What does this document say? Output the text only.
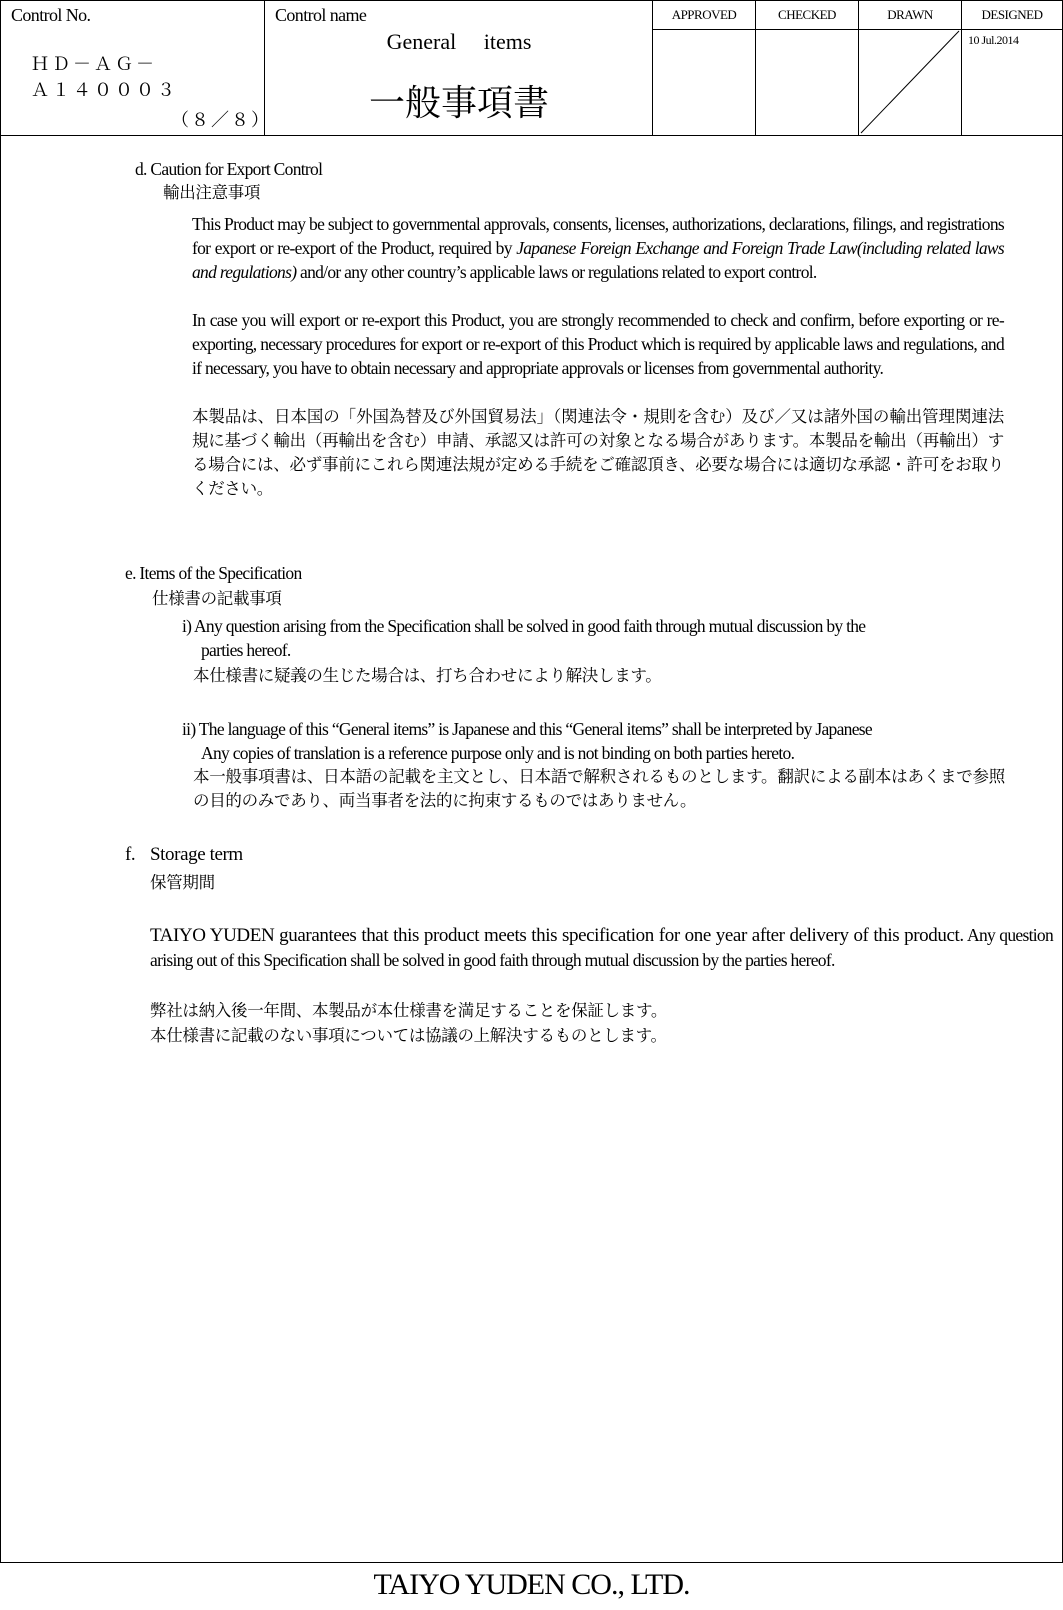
Control No.
ＨＤ－ＡＧ－
Ａ１４０００３
（８／８）
Control name
General　 items
一般事項書
APPROVED	CHECKED	DRAWN	DESIGNED
10 Jul.2014
d. Caution for Export Control
輸出注意事項
This Product may be subject to governmental approvals, consents, licenses, authorizations, declarations, filings, and registrations for export or re-export of the Product, required by Japanese Foreign Exchange and Foreign Trade Law(including related laws and regulations) and/or any other country’s applicable laws or regulations related to export control.
In case you will export or re-export this Product, you are strongly recommended to check and confirm, before exporting or re-exporting, necessary procedures for export or re-export of this Product which is required by applicable laws and regulations, and if necessary, you have to obtain necessary and appropriate approvals or licenses from governmental authority.
本製品は、日本国の「外国為替及び外国貿易法」（関連法令・規則を含む）及び／又は諸外国の輸出管理関連法規に基づく輸出（再輸出を含む）申請、承認又は許可の対象となる場合があります。本製品を輸出（再輸出）する場合には、必ず事前にこれら関連法規が定める手続をご確認頂き、必要な場合には適切な承認・許可をお取りください。
e. Items of the Specification
仕様書の記載事項
i) Any question arising from the Specification shall be solved in good faith through mutual discussion by the
parties hereof.
本仕様書に疑義の生じた場合は、打ち合わせにより解決します。
ii) The language of this “General items” is Japanese and this “General items” shall be interpreted by Japanese
Any copies of translation is a reference purpose only and is not binding on both parties hereto.
本一般事項書は、日本語の記載を主文とし、日本語で解釈されるものとします。翻訳による副本はあくまで参照の目的のみであり、両当事者を法的に拘束するものではありません。
f. Storage term
保管期間
TAIYO YUDEN guarantees that this product meets this specification for one year after delivery of this product. Any question arising out of this Specification shall be solved in good faith through mutual discussion by the parties hereof.
弊社は納入後一年間、本製品が本仕様書を満足することを保証します。
本仕様書に記載のない事項については協議の上解決するものとします。
TAIYO YUDEN CO., LTD.
